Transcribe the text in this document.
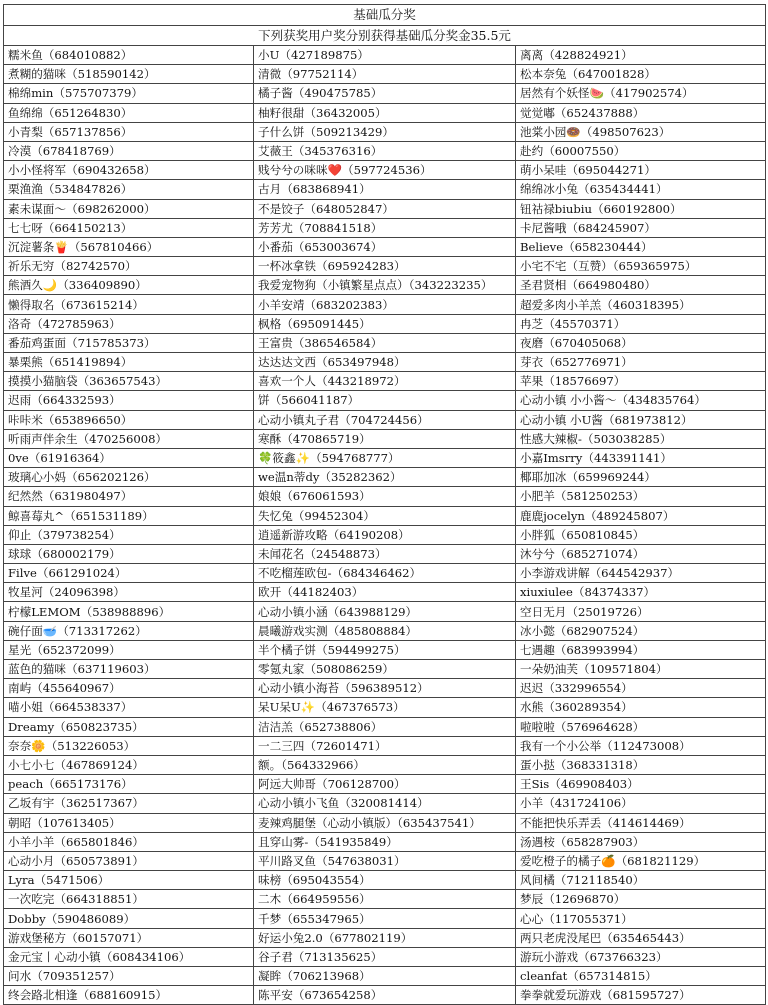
基础瓜分奖		
下列获奖用户奖分别获得基础瓜分奖金35.5元		
糯米鱼（684010882）	小U（427189875）	离离（428824921）
煮糊的猫咪（518590142）	清微（97752114）	松本奈兔（647001828）
棉绵min（575707379）	橘子酱（490475785）	居然有个妖怪🍉（417902574）
鱼绵绵（651264830）	柚籽很甜（36432005）	觉觉嘟（652437888）
小青梨（657137856）	子什么饼（509213429）	池棠小园🍩（498507623）
冷漠（678418769）	艾薇王（345376316）	赴约（60007550）
小小怪将军（690432658）	贱兮兮の咪咪❤️（597724536）	萌小呆哇（695044271）
栗渔渔（534847826）	古月（683868941）	绵绵冰小兔（635434441）
素未谋面～（698262000）	不是饺子（648052847）	钮祜禄biubiu（660192800）
七七呀（664150213）	芳芳尤（708841518）	卡尼酱哦（684245907）
沉淀薯条🍟（567810466）	小番茄（653003674）	Believe（658230444）
祈乐无穷（82742570）	一杯冰拿铁（695924283）	小宅不宅（互赞）（659365975）
熊酒久🌙（336409890）	我爱宠物狗（小镇繁星点点）（343223235）	圣君贤相（664980480）
懒得取名（673615214）	小羊安靖（683202383）	超爱多肉小羊羔（460318395）
洛奇（472785963）	枫格（695091445）	冉芝（45570371）
番茄鸡蛋面（715785373）	王富贵（386546584）	夜磨（670405068）
暴栗熊（651419894）	达达达文西（653497948）	芽衣（652776971）
摸摸小猫脑袋（363657543）	喜欢一个人（443218972）	苹果（18576697）
迟雨（664332593）	饼（566041187）	心动小镇 小小酱～（434835764）
咔咔米（653896650）	心动小镇丸子君（704724456）	心动小镇 小U酱（681973812）
听雨声伴余生（470256008）	寒酥（470865719）	性感大辣椒-（503038285）
0ve（61916364）	🍀筱鑫✨（594768777）	小嘉Imsrry（443391141）
玻璃心小妈（656202126）	we温n蒂dy（35282362）	椰耶加冰（659969244）
纪然然（631980497）	娘娘（676061593）	小肥羊（581250253）
鲸喜莓丸^（651531189）	失忆兔（99452304）	鹿鹿jocelyn（489245807）
仰止（379738254）	逍遥新游攻略（64190208）	小胖狐（650810845）
球球（680002179）	未闻花名（24548873）	沐兮兮（685271074）
Filve（661291024）	不吃榴莲欧包-（684346462）	小李游戏讲解（644542937）
牧星河（24096398）	欧开（44182403）	xiuxiulee（84374337）
柠檬LEMOM（538988896）	心动小镇小涵（643988129）	空日无月（25019726）
碗仔面🥣（713317262）	晨曦游戏实测（485808884）	冰小懿（682907524）
星光（652372099）	半个橘子饼（594499275）	七遇趣（683993994）
蓝色的猫咪（637119603）	零氪丸家（508086259）	一朵奶油芙（109571804）
南屿（455640967）	心动小镇小海苔（596389512）	迟迟（332996554）
喵小姐（664538337）	呆U呆U✨（467376573）	水熊（360289354）
Dreamy（650823735）	洁洁羔（652738806）	啦啦啦（576964628）
奈奈🌼（513226053）	一二三四（72601471）	我有一个小公举（112473008）
小七小七（467869124）	额。（564332966）	蛋小挞（368331318）
peach（665173176）	阿远大帅哥（706128700）	王Sis（469908403）
乙坂有宇（362517367）	心动小镇小飞鱼（320081414）	小羊（431724106）
朝昭（107613405）	麦辣鸡腿堡（心动小镇版）（635437541）	不能把快乐弄丢（414614469）
小羊小羊（665801846）	且穿山雾-（541935849）	汤遇桉（658287903）
心动小月（650573891）	平川路叉鱼（547638031）	爱吃橙子的橘子🍊（681821129）
Lyra（5471506）	味榜（695043554）	风间橘（712118540）
一次吃完（664318851）	二木（664959556）	梦辰（12696870）
Dobby（590486089）	千梦（655347965）	心心（117055371）
游戏堡秘方（60157071）	好运小兔2.0（677802119）	两只老虎没尾巴（635465443）
金元宝丨心动小镇（608434106）	谷子君（713135625）	游玩小游戏（673766323）
问水（709351257）	凝眸（706213968）	cleanfat（657314815）
终会路北相逢（688160915）	陈平安（673654258）	拳拳就爱玩游戏（681595727）
